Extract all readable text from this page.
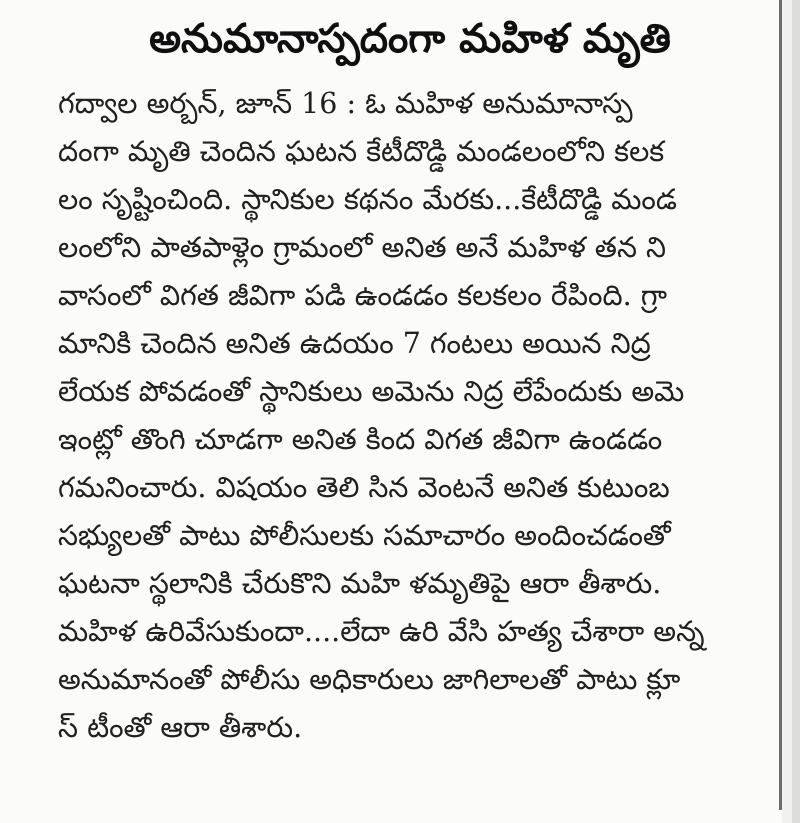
అనుమానాస్పదంగా మహిళ మృతి
గద్వాల అర్బన్, జూన్ 16 : ఓ మహిళ అనుమానాస్ప
దంగా మృతి చెందిన ఘటన కేటీదొడ్డి మండలంలోని కలక
లం సృష్టించింది. స్థానికుల కథనం మేరకు...కేటీదొడ్డి మండ
లంలోని పాతపాళ్లెం గ్రామంలో అనిత అనే మహిళ తన ని
వాసంలో విగత జీవిగా పడి ఉండడం కలకలం రేపింది. గ్రా
మానికి చెందిన అనిత ఉదయం 7 గంటలు అయిన నిద్ర
లేయక పోవడంతో స్థానికులు అమెను నిద్ర లేపేందుకు అమె
ఇంట్లో తొంగి చూడగా అనిత కింద విగత జీవిగా ఉండడం
గమనించారు. విషయం తెలి సిన వెంటనే అనిత కుటుంబ
సభ్యులతో పాటు పోలీసులకు సమాచారం అందించడంతో
ఘటనా స్థలానికి చేరుకొని మహి ళమృతిపై ఆరా తీశారు.
మహిళ ఉరివేసుకుందా....లేదా ఉరి వేసి హత్య చేశారా అన్న
అనుమానంతో పోలీసు అధికారులు జాగిలాలతో పాటు క్లూ
స్ టీంతో ఆరా తీశారు.
